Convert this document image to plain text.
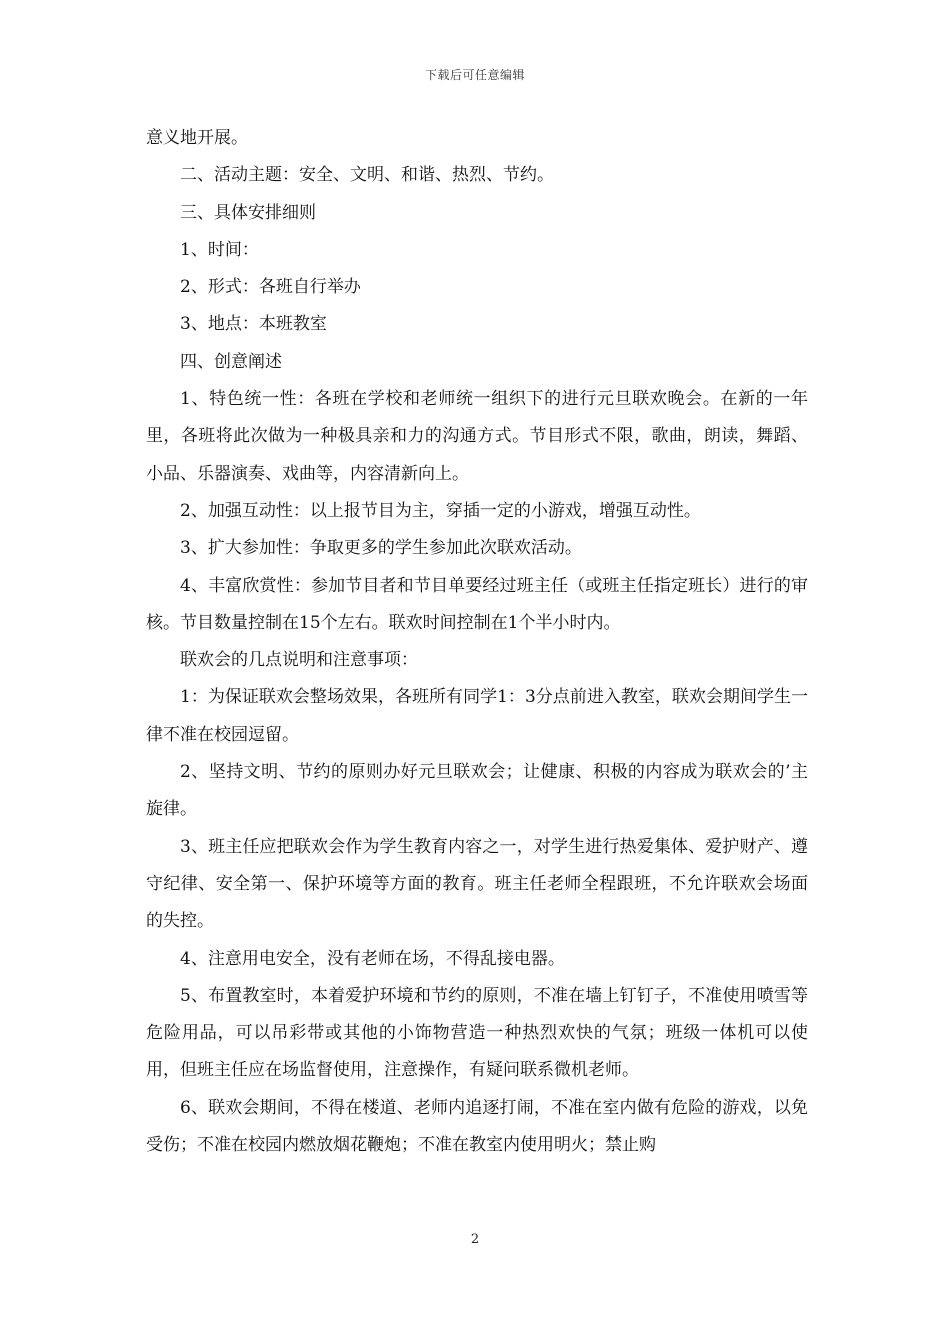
下载后可任意编辑

意义地开展。

二、活动主题：安全、文明、和谐、热烈、节约。

三、具体安排细则

1、时间：

2、形式：各班自行举办

3、地点：本班教室

四、创意阐述

1、特色统一性：各班在学校和老师统一组织下的进行元旦联欢晚会。在新的一年里，各班将此次做为一种极具亲和力的沟通方式。节目形式不限，歌曲，朗读，舞蹈、小品、乐器演奏、戏曲等，内容清新向上。

2、加强互动性：以上报节目为主，穿插一定的小游戏，增强互动性。

3、扩大参加性：争取更多的学生参加此次联欢活动。

4、丰富欣赏性：参加节目者和节目单要经过班主任（或班主任指定班长）进行的审核。节目数量控制在15个左右。联欢时间控制在1个半小时内。

联欢会的几点说明和注意事项：

1：为保证联欢会整场效果，各班所有同学1：3分点前进入教室，联欢会期间学生一律不准在校园逗留。

2、坚持文明、节约的原则办好元旦联欢会；让健康、积极的内容成为联欢会的’主旋律。

3、班主任应把联欢会作为学生教育内容之一，对学生进行热爱集体、爱护财产、遵守纪律、安全第一、保护环境等方面的教育。班主任老师全程跟班，不允许联欢会场面的失控。

4、注意用电安全，没有老师在场，不得乱接电器。

5、布置教室时，本着爱护环境和节约的原则，不准在墙上钉钉子，不准使用喷雪等危险用品，可以吊彩带或其他的小饰物营造一种热烈欢快的气氛；班级一体机可以使用，但班主任应在场监督使用，注意操作，有疑问联系微机老师。

6、联欢会期间，不得在楼道、老师内追逐打闹，不准在室内做有危险的游戏，以免受伤；不准在校园内燃放烟花鞭炮；不准在教室内使用明火；禁止购

2
